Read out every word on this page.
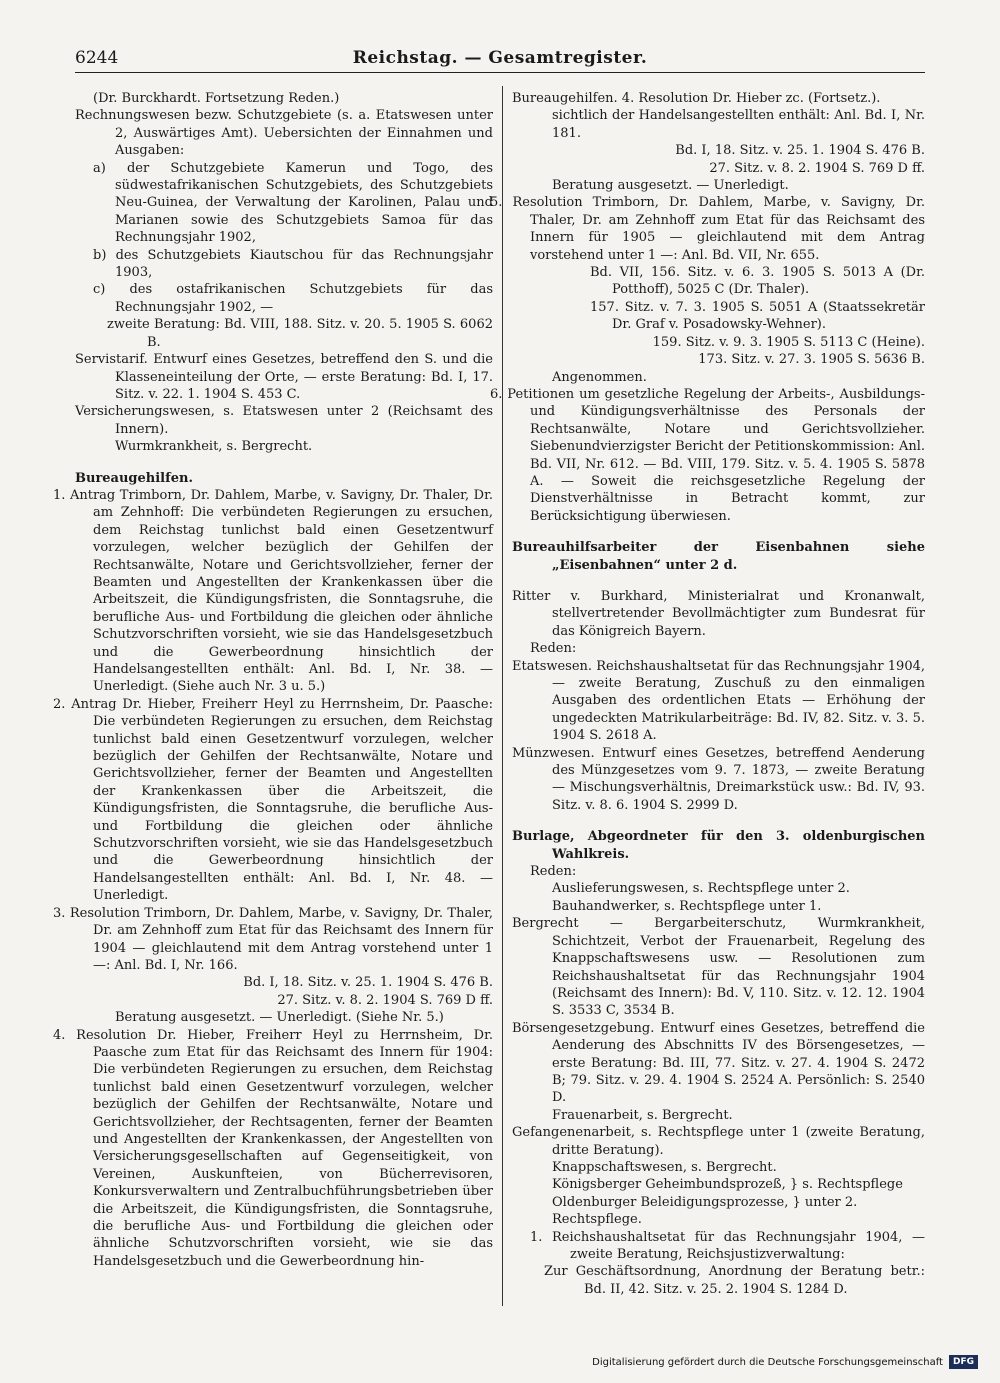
6244	Reichstag. — Gesamtregister.

(Dr. Burckhardt. Fortsetzung Reden.)

Rechnungswesen bezw. Schutzgebiete (s. a. Etatswesen unter 2, Auswärtiges Amt). Uebersichten der Einnahmen und Ausgaben:

a) der Schutzgebiete Kamerun und Togo, des südwestafrikanischen Schutzgebiets, des Schutzgebiets Neu-Guinea, der Verwaltung der Karolinen, Palau und Marianen sowie des Schutzgebiets Samoa für das Rechnungsjahr 1902,

b) des Schutzgebiets Kiautschou für das Rechnungsjahr 1903,

c) des ostafrikanischen Schutzgebiets für das Rechnungsjahr 1902, —

zweite Beratung: Bd. VIII, 188. Sitz. v. 20. 5. 1905 S. 6062 B.

Servistarif. Entwurf eines Gesetzes, betreffend den S. und die Klasseneinteilung der Orte, — erste Beratung: Bd. I, 17. Sitz. v. 22. 1. 1904 S. 453 C.

Versicherungswesen, s. Etatswesen unter 2 (Reichsamt des Innern).

Wurmkrankheit, s. Bergrecht.

Bureaugehilfen.

1. Antrag Trimborn, Dr. Dahlem, Marbe, v. Savigny, Dr. Thaler, Dr. am Zehnhoff: Die verbündeten Regierungen zu ersuchen, dem Reichstag tunlichst bald einen Gesetzentwurf vorzulegen, welcher bezüglich der Gehilfen der Rechtsanwälte, Notare und Gerichtsvollzieher, ferner der Beamten und Angestellten der Krankenkassen über die Arbeitszeit, die Kündigungsfristen, die Sonntagsruhe, die berufliche Aus- und Fortbildung die gleichen oder ähnliche Schutzvorschriften vorsieht, wie sie das Handelsgesetzbuch und die Gewerbeordnung hinsichtlich der Handelsangestellten enthält: Anl. Bd. I, Nr. 38. — Unerledigt. (Siehe auch Nr. 3 u. 5.)

2. Antrag Dr. Hieber, Freiherr Heyl zu Herrnsheim, Dr. Paasche: Die verbündeten Regierungen zu ersuchen, dem Reichstag tunlichst bald einen Gesetzentwurf vorzulegen, welcher bezüglich der Gehilfen der Rechtsanwälte, Notare und Gerichtsvollzieher, ferner der Beamten und Angestellten der Krankenkassen über die Arbeitszeit, die Kündigungsfristen, die Sonntagsruhe, die berufliche Aus- und Fortbildung die gleichen oder ähnliche Schutzvorschriften vorsieht, wie sie das Handelsgesetzbuch und die Gewerbeordnung hinsichtlich der Handelsangestellten enthält: Anl. Bd. I, Nr. 48. — Unerledigt.

3. Resolution Trimborn, Dr. Dahlem, Marbe, v. Savigny, Dr. Thaler, Dr. am Zehnhoff zum Etat für das Reichsamt des Innern für 1904 — gleichlautend mit dem Antrag vorstehend unter 1 —: Anl. Bd. I, Nr. 166.

Bd. I, 18. Sitz. v. 25. 1. 1904 S. 476 B.

27. Sitz. v. 8. 2. 1904 S. 769 D ff.

Beratung ausgesetzt. — Unerledigt. (Siehe Nr. 5.)

4. Resolution Dr. Hieber, Freiherr Heyl zu Herrnsheim, Dr. Paasche zum Etat für das Reichsamt des Innern für 1904: Die verbündeten Regierungen zu ersuchen, dem Reichstag tunlichst bald einen Gesetzentwurf vorzulegen, welcher bezüglich der Gehilfen der Rechtsanwälte, Notare und Gerichtsvollzieher, der Rechtsagenten, ferner der Beamten und Angestellten der Krankenkassen, der Angestellten von Versicherungsgesellschaften auf Gegenseitigkeit, von Vereinen, Auskunfteien, von Bücherrevisoren, Konkursverwaltern und Zentralbuchführungsbetrieben über die Arbeitszeit, die Kündigungsfristen, die Sonntagsruhe, die berufliche Aus- und Fortbildung die gleichen oder ähnliche Schutzvorschriften vorsieht, wie sie das Handelsgesetzbuch und die Gewerbeordnung hin-

Bureaugehilfen. 4. Resolution Dr. Hieber zc. (Fortsetz.).

sichtlich der Handelsangestellten enthält: Anl. Bd. I, Nr. 181.

Bd. I, 18. Sitz. v. 25. 1. 1904 S. 476 B.

27. Sitz. v. 8. 2. 1904 S. 769 D ff.

Beratung ausgesetzt. — Unerledigt.

5. Resolution Trimborn, Dr. Dahlem, Marbe, v. Savigny, Dr. Thaler, Dr. am Zehnhoff zum Etat für das Reichsamt des Innern für 1905 — gleichlautend mit dem Antrag vorstehend unter 1 —: Anl. Bd. VII, Nr. 655.

Bd. VII, 156. Sitz. v. 6. 3. 1905 S. 5013 A (Dr. Potthoff), 5025 C (Dr. Thaler).

157. Sitz. v. 7. 3. 1905 S. 5051 A (Staatssekretär Dr. Graf v. Posadowsky-Wehner).

159. Sitz. v. 9. 3. 1905 S. 5113 C (Heine).

173. Sitz. v. 27. 3. 1905 S. 5636 B.

Angenommen.

6. Petitionen um gesetzliche Regelung der Arbeits-, Ausbildungs- und Kündigungsverhältnisse des Personals der Rechtsanwälte, Notare und Gerichtsvollzieher. Siebenundvierzigster Bericht der Petitionskommission: Anl. Bd. VII, Nr. 612. — Bd. VIII, 179. Sitz. v. 5. 4. 1905 S. 5878 A. — Soweit die reichsgesetzliche Regelung der Dienstverhältnisse in Betracht kommt, zur Berücksichtigung überwiesen.

Bureauhilfsarbeiter der Eisenbahnen siehe „Eisenbahnen“ unter 2 d.

Ritter v. Burkhard, Ministerialrat und Kronanwalt, stellvertretender Bevollmächtigter zum Bundesrat für das Königreich Bayern.

Reden:

Etatswesen. Reichshaushaltsetat für das Rechnungsjahr 1904, — zweite Beratung, Zuschuß zu den einmaligen Ausgaben des ordentlichen Etats — Erhöhung der ungedeckten Matrikularbeiträge: Bd. IV, 82. Sitz. v. 3. 5. 1904 S. 2618 A.

Münzwesen. Entwurf eines Gesetzes, betreffend Aenderung des Münzgesetzes vom 9. 7. 1873, — zweite Beratung — Mischungsverhältnis, Dreimarkstück usw.: Bd. IV, 93. Sitz. v. 8. 6. 1904 S. 2999 D.

Burlage, Abgeordneter für den 3. oldenburgischen Wahlkreis.

Reden:

Auslieferungswesen, s. Rechtspflege unter 2.

Bauhandwerker, s. Rechtspflege unter 1.

Bergrecht — Bergarbeiterschutz, Wurmkrankheit, Schichtzeit, Verbot der Frauenarbeit, Regelung des Knappschaftswesens usw. — Resolutionen zum Reichshaushaltsetat für das Rechnungsjahr 1904 (Reichsamt des Innern): Bd. V, 110. Sitz. v. 12. 12. 1904 S. 3533 C, 3534 B.

Börsengesetzgebung. Entwurf eines Gesetzes, betreffend die Aenderung des Abschnitts IV des Börsengesetzes, — erste Beratung: Bd. III, 77. Sitz. v. 27. 4. 1904 S. 2472 B; 79. Sitz. v. 29. 4. 1904 S. 2524 A. Persönlich: S. 2540 D.

Frauenarbeit, s. Bergrecht.

Gefangenenarbeit, s. Rechtspflege unter 1 (zweite Beratung, dritte Beratung).

Knappschaftswesen, s. Bergrecht.

Königsberger Geheimbundsprozeß, } s. Rechtspflege

Oldenburger Beleidigungsprozesse, } unter 2.

Rechtspflege.

1. Reichshaushaltsetat für das Rechnungsjahr 1904, — zweite Beratung, Reichsjustizverwaltung:

Zur Geschäftsordnung, Anordnung der Beratung betr.: Bd. II, 42. Sitz. v. 25. 2. 1904 S. 1284 D.

Digitalisierung gefördert durch die Deutsche Forschungsgemeinschaft	DFG
